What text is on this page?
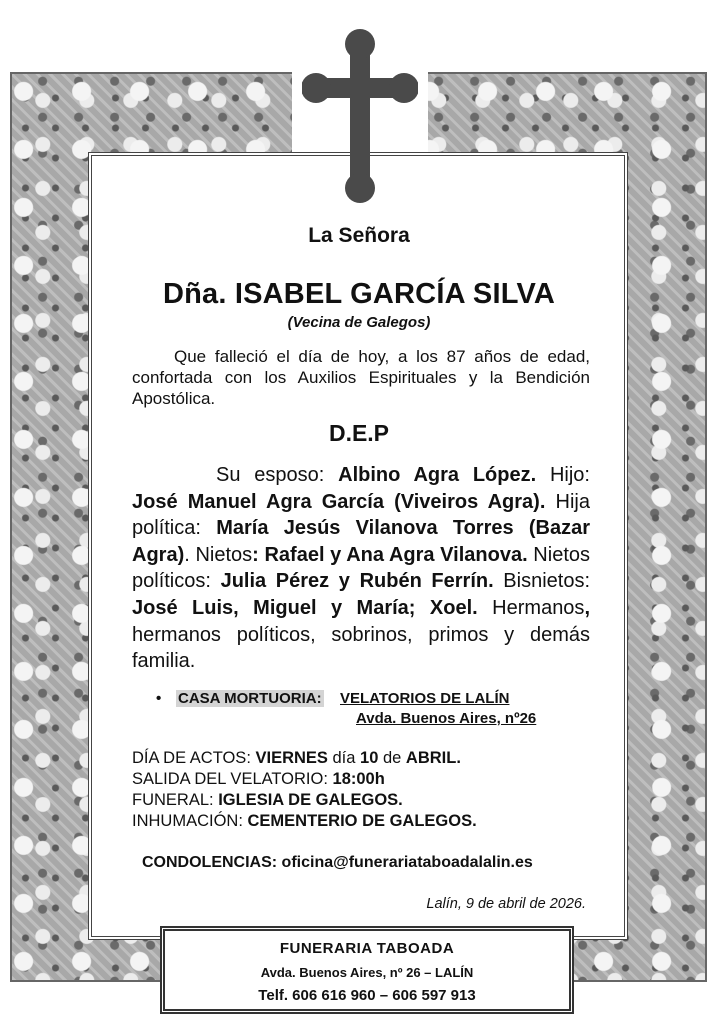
La Señora
Dña. ISABEL GARCÍA SILVA
(Vecina de Galegos)
Que falleció el día de hoy, a los 87 años de edad, confortada con los Auxilios Espirituales y la Bendición Apostólica.
D.E.P
Su esposo: Albino Agra López. Hijo: José Manuel Agra García (Viveiros Agra). Hija política: María Jesús Vilanova Torres (Bazar Agra). Nietos: Rafael y Ana Agra Vilanova. Nietos políticos: Julia Pérez y Rubén Ferrín. Bisnietos: José Luis, Miguel y María; Xoel. Hermanos, hermanos políticos, sobrinos, primos y demás familia.
• CASA MORTUORIA: VELATORIOS DE LALÍN
Avda. Buenos Aires, nº26
DÍA DE ACTOS: VIERNES día 10 de ABRIL.
SALIDA DEL VELATORIO: 18:00h
FUNERAL: IGLESIA DE GALEGOS.
INHUMACIÓN: CEMENTERIO DE GALEGOS.
CONDOLENCIAS: oficina@funerariataboadalalin.es
Lalín, 9 de abril de 2026.
FUNERARIA TABOADA
Avda. Buenos Aires, nº 26 – LALÍN
Telf. 606 616 960 – 606 597 913
